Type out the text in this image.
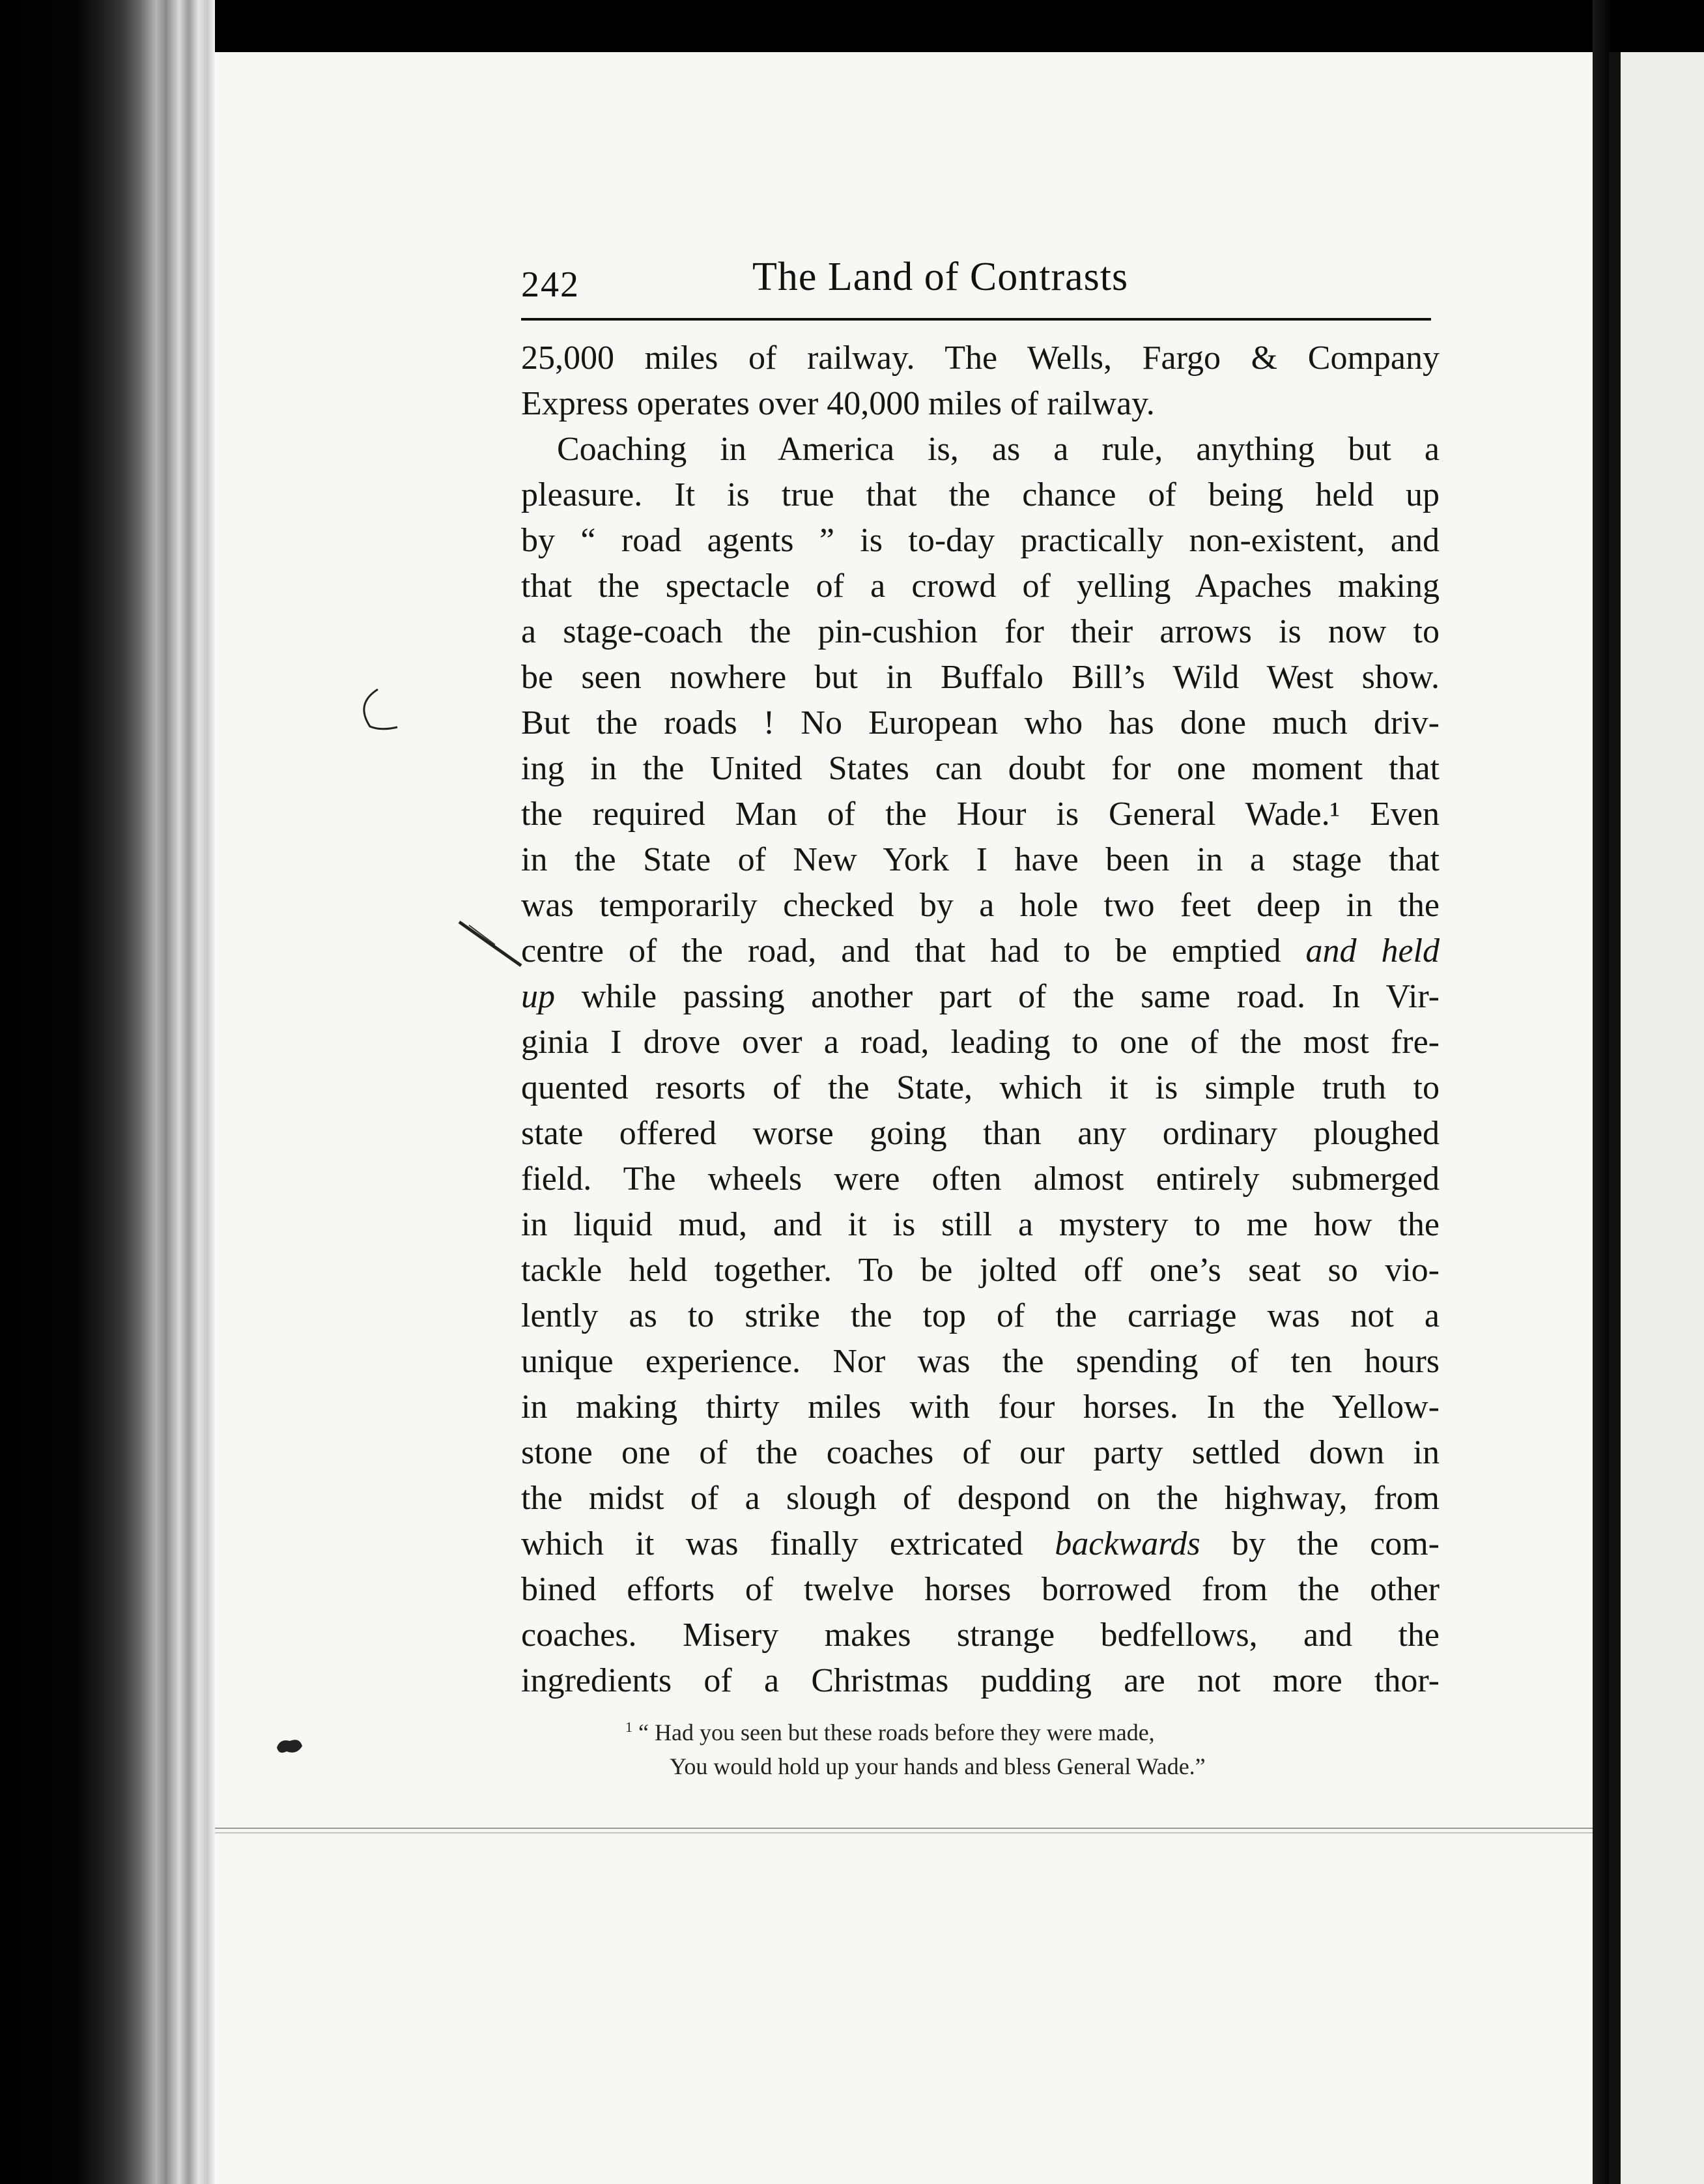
242	The Land of Contrasts
25,000 miles of railway. The Wells, Fargo & Company
Express operates over 40,000 miles of railway.
Coaching in America is, as a rule, anything but a
pleasure. It is true that the chance of being held up
by “ road agents ” is to-day practically non-existent, and
that the spectacle of a crowd of yelling Apaches making
a stage-coach the pin-cushion for their arrows is now to
be seen nowhere but in Buffalo Bill’s Wild West show.
But the roads ! No European who has done much driv-
ing in the United States can doubt for one moment that
the required Man of the Hour is General Wade.¹ Even
in the State of New York I have been in a stage that
was temporarily checked by a hole two feet deep in the
centre of the road, and that had to be emptied and held
up while passing another part of the same road. In Vir-
ginia I drove over a road, leading to one of the most fre-
quented resorts of the State, which it is simple truth to
state offered worse going than any ordinary ploughed
field. The wheels were often almost entirely submerged
in liquid mud, and it is still a mystery to me how the
tackle held together. To be jolted off one’s seat so vio-
lently as to strike the top of the carriage was not a
unique experience. Nor was the spending of ten hours
in making thirty miles with four horses. In the Yellow-
stone one of the coaches of our party settled down in
the midst of a slough of despond on the highway, from
which it was finally extricated backwards by the com-
bined efforts of twelve horses borrowed from the other
coaches. Misery makes strange bedfellows, and the
ingredients of a Christmas pudding are not more thor-
$^1$ “ Had you seen but these roads before they were made,
You would hold up your hands and bless General Wade.”
